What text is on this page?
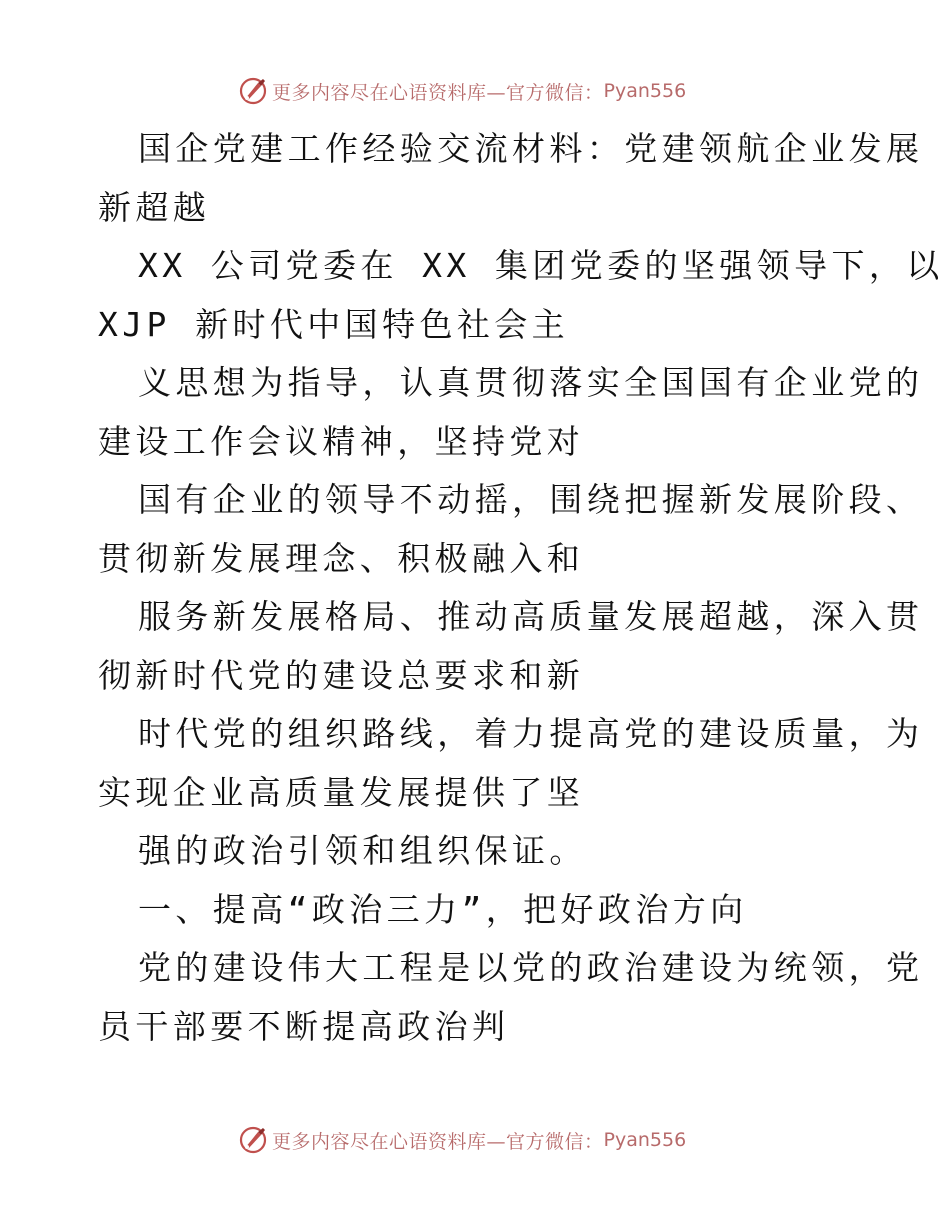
更多内容尽在心语资料库—官方微信： Pyan556
国企党建工作经验交流材料：党建领航企业发展
新超越
XX 公司党委在 XX 集团党委的坚强领导下，以
XJP 新时代中国特色社会主
义思想为指导，认真贯彻落实全国国有企业党的
建设工作会议精神，坚持党对
国有企业的领导不动摇，围绕把握新发展阶段、
贯彻新发展理念、积极融入和
服务新发展格局、推动高质量发展超越，深入贯
彻新时代党的建设总要求和新
时代党的组织路线，着力提高党的建设质量，为
实现企业高质量发展提供了坚
强的政治引领和组织保证。
一、提高“政治三力”，把好政治方向
党的建设伟大工程是以党的政治建设为统领，党
员干部要不断提高政治判
更多内容尽在心语资料库—官方微信： Pyan556
